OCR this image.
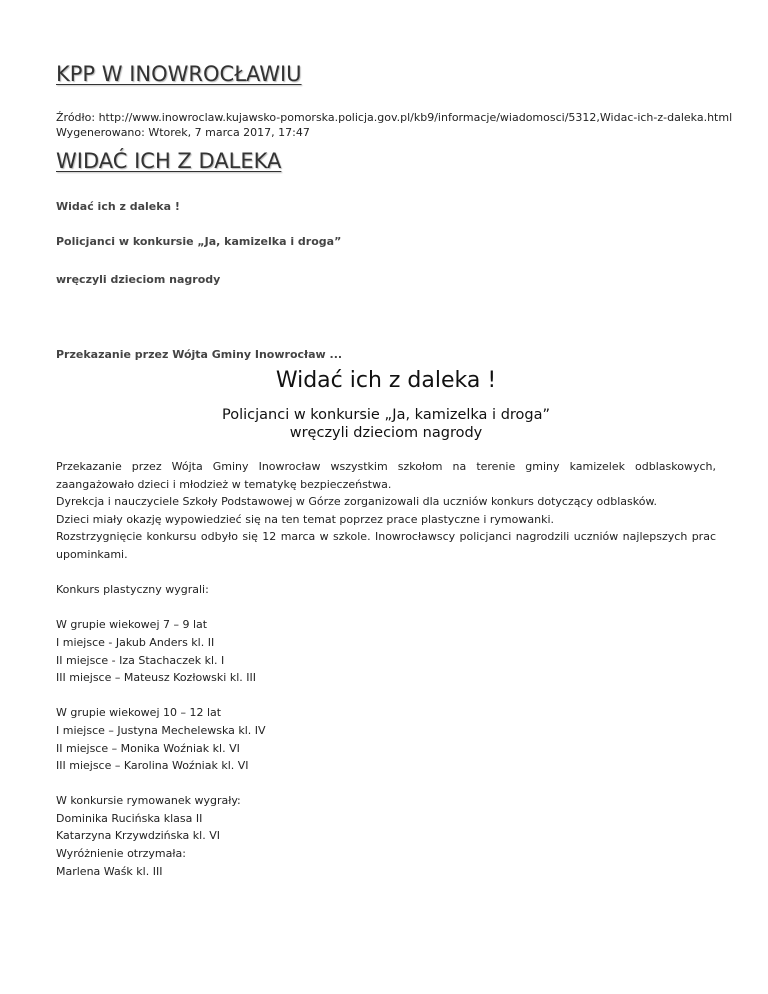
KPP W INOWROCŁAWIU
Źródło: http://www.inowroclaw.kujawsko-pomorska.policja.gov.pl/kb9/informacje/wiadomosci/5312,Widac-ich-z-daleka.html
Wygenerowano: Wtorek, 7 marca 2017, 17:47
WIDAĆ ICH Z DALEKA

Widać ich z daleka !

Policjanci w konkursie „Ja, kamizelka i droga”

wręczyli dzieciom nagrody

Przekazanie przez Wójta Gminy Inowrocław ...

Widać ich z daleka !
Policjanci w konkursie „Ja, kamizelka i droga”
wręczyli dzieciom nagrody

Przekazanie przez Wójta Gminy Inowrocław wszystkim szkołom na terenie gminy kamizelek odblaskowych, zaangażowało dzieci i młodzież w tematykę bezpieczeństwa.

Dyrekcja i nauczyciele Szkoły Podstawowej w Górze zorganizowali dla uczniów konkurs dotyczący odblasków.

Dzieci miały okazję wypowiedzieć się na ten temat poprzez prace plastyczne i rymowanki.

Rozstrzygnięcie konkursu odbyło się 12 marca w szkole. Inowrocławscy policjanci nagrodzili uczniów najlepszych prac upominkami.

Konkurs plastyczny wygrali:

W grupie wiekowej 7 – 9 lat

I miejsce - Jakub Anders kl. II

II miejsce - Iza Stachaczek kl. I

III miejsce – Mateusz Kozłowski kl. III

W grupie wiekowej 10 – 12 lat

I miejsce – Justyna Mechelewska kl. IV

II miejsce – Monika Woźniak kl. VI

III miejsce – Karolina Woźniak kl. VI

W konkursie rymowanek wygrały:

Dominika Rucińska klasa II

Katarzyna Krzywdzińska kl. VI

Wyróżnienie otrzymała:

Marlena Waśk kl. III
